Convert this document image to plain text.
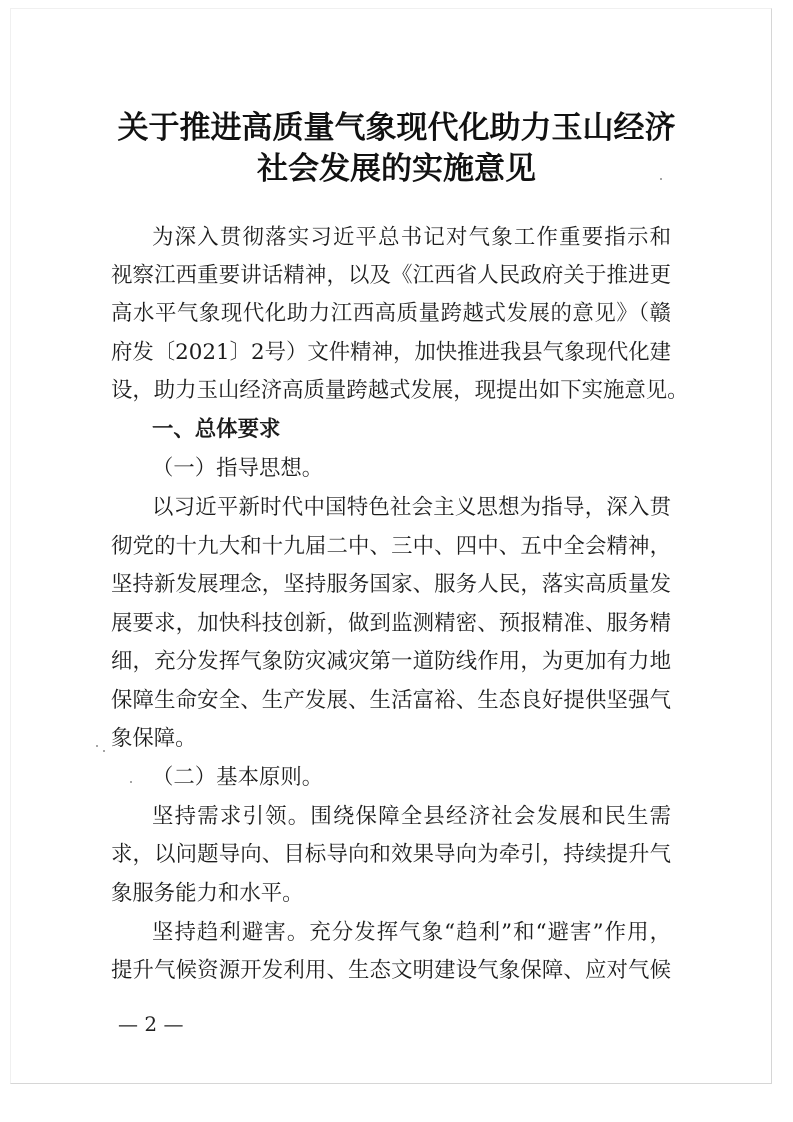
关于推进高质量气象现代化助力玉山经济
社会发展的实施意见
为深入贯彻落实习近平总书记对气象工作重要指示和
视察江西重要讲话精神，以及《江西省人民政府关于推进更
高水平气象现代化助力江西高质量跨越式发展的意见》（赣
府发〔2021〕2号）文件精神，加快推进我县气象现代化建
设，助力玉山经济高质量跨越式发展，现提出如下实施意见。
一、总体要求
（一）指导思想。
以习近平新时代中国特色社会主义思想为指导，深入贯
彻党的十九大和十九届二中、三中、四中、五中全会精神，
坚持新发展理念，坚持服务国家、服务人民，落实高质量发
展要求，加快科技创新，做到监测精密、预报精准、服务精
细，充分发挥气象防灾减灾第一道防线作用，为更加有力地
保障生命安全、生产发展、生活富裕、生态良好提供坚强气
象保障。
（二）基本原则。
坚持需求引领。围绕保障全县经济社会发展和民生需
求，以问题导向、目标导向和效果导向为牵引，持续提升气
象服务能力和水平。
坚持趋利避害。充分发挥气象“趋利”和“避害”作用，
提升气候资源开发利用、生态文明建设气象保障、应对气候
— 2 —
